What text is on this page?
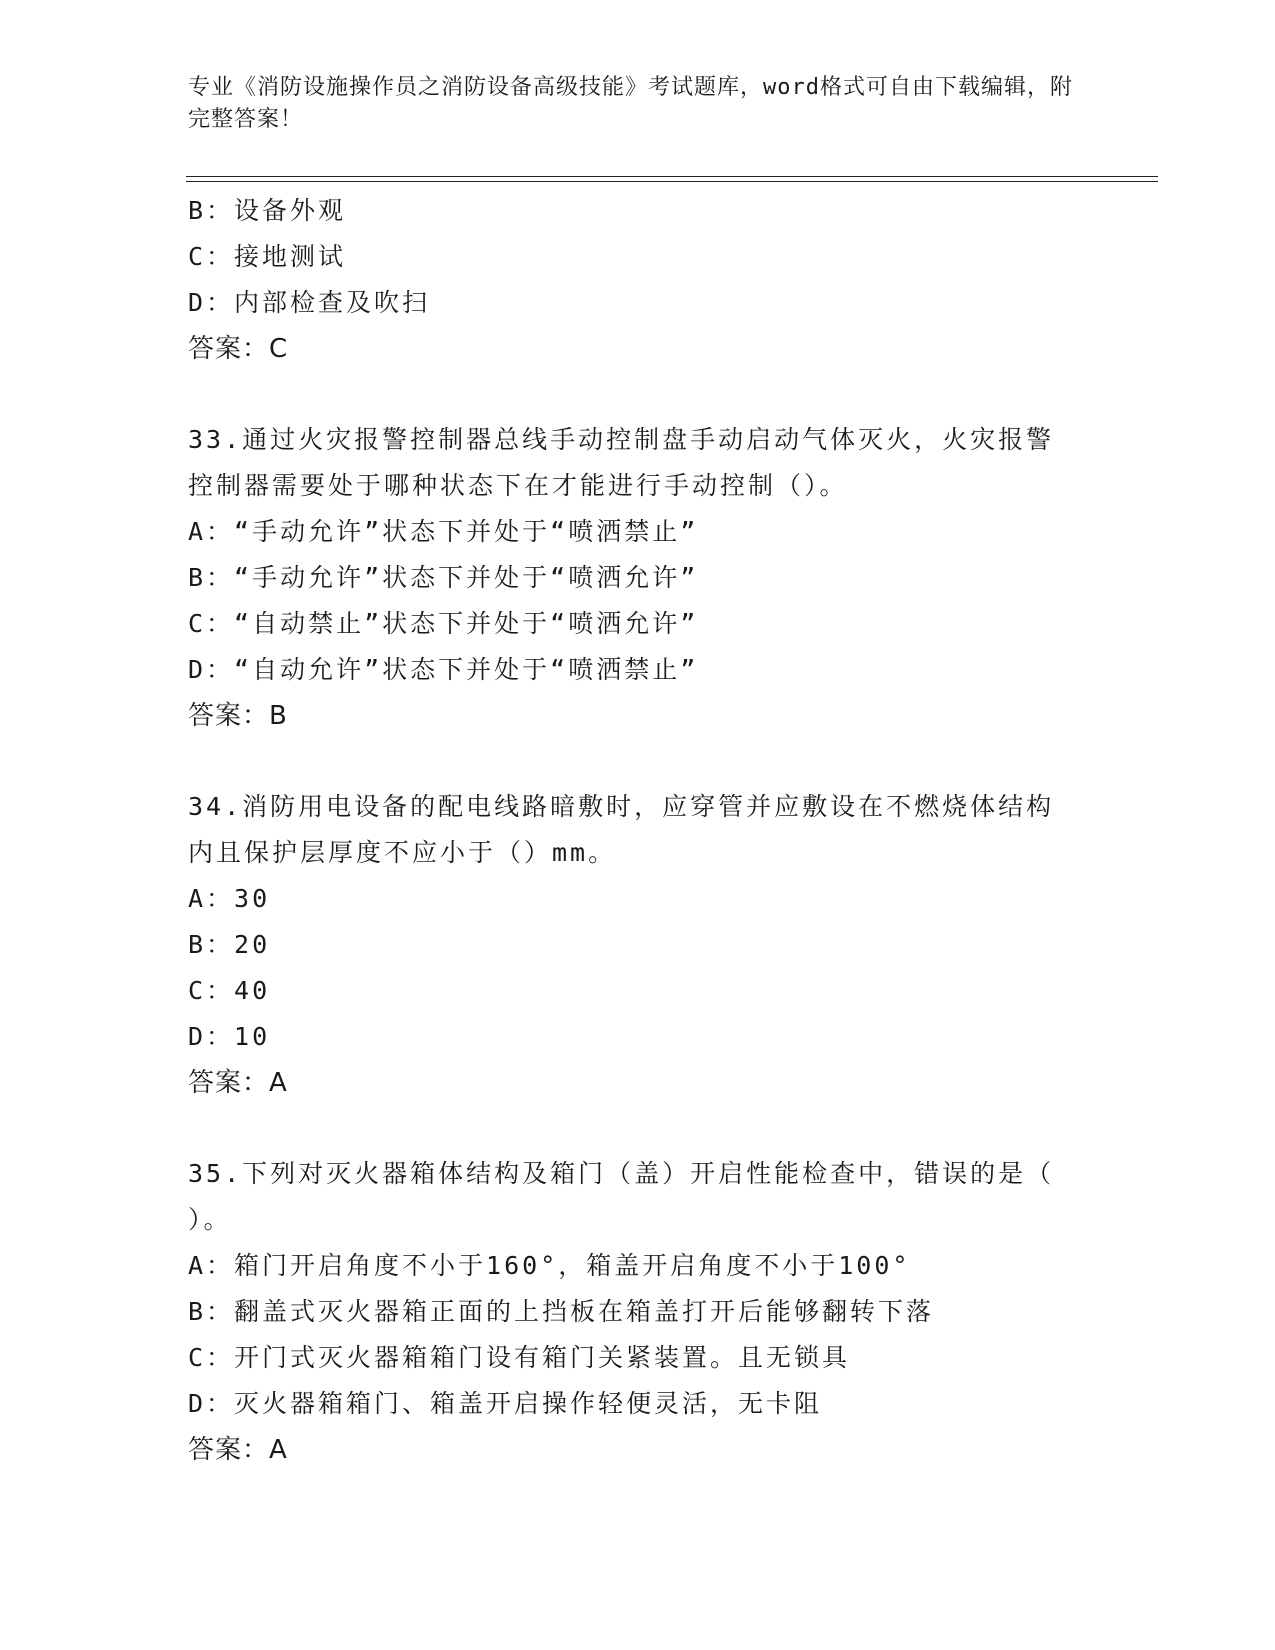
专业《消防设施操作员之消防设备高级技能》考试题库，word格式可自由下载编辑，附完整答案！
B：设备外观
C：接地测试
D：内部检查及吹扫
答案：C
33.通过火灾报警控制器总线手动控制盘手动启动气体灭火，火灾报警
控制器需要处于哪种状态下在才能进行手动控制（）。
A：“手动允许”状态下并处于“喷洒禁止”
B：“手动允许”状态下并处于“喷洒允许”
C：“自动禁止”状态下并处于“喷洒允许”
D：“自动允许”状态下并处于“喷洒禁止”
答案：B
34.消防用电设备的配电线路暗敷时，应穿管并应敷设在不燃烧体结构
内且保护层厚度不应小于（）mm。
A：30
B：20
C：40
D：10
答案：A
35.下列对灭火器箱体结构及箱门（盖）开启性能检查中，错误的是（
）。
A：箱门开启角度不小于160°，箱盖开启角度不小于100°
B：翻盖式灭火器箱正面的上挡板在箱盖打开后能够翻转下落
C：开门式灭火器箱箱门设有箱门关紧装置。且无锁具
D：灭火器箱箱门、箱盖开启操作轻便灵活，无卡阻
答案：A
